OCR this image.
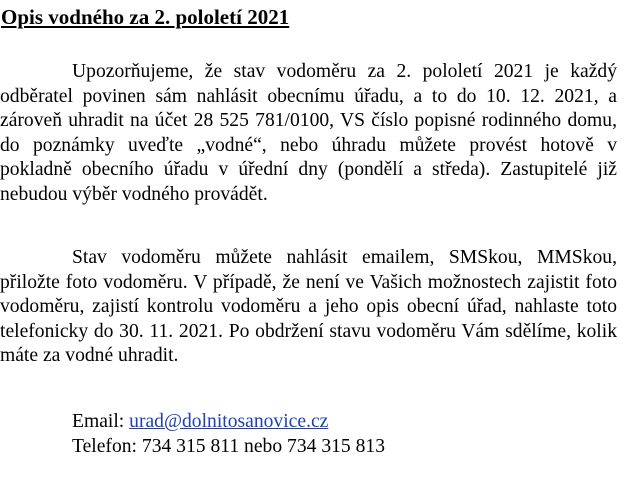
Opis vodného za 2. pololetí 2021

Upozorňujeme, že stav vodoměru za 2. pololetí 2021 je každý odběratel povinen sám nahlásit obecnímu úřadu, a to do 10. 12. 2021, a zároveň uhradit na účet 28 525 781/0100, VS číslo popisné rodinného domu, do poznámky uveďte „vodné“, nebo úhradu můžete provést hotově v pokladně obecního úřadu v úřední dny (pondělí a středa). Zastupitelé již nebudou výběr vodného provádět.

Stav vodoměru můžete nahlásit emailem, SMSkou, MMSkou, přiložte foto vodoměru. V případě, že není ve Vašich možnostech zajistit foto vodoměru, zajistí kontrolu vodoměru a jeho opis obecní úřad, nahlaste toto telefonicky do 30. 11. 2021. Po obdržení stavu vodoměru Vám sdělíme, kolik máte za vodné uhradit.

Email: urad@dolnitosanovice.cz
Telefon: 734 315 811 nebo 734 315 813
